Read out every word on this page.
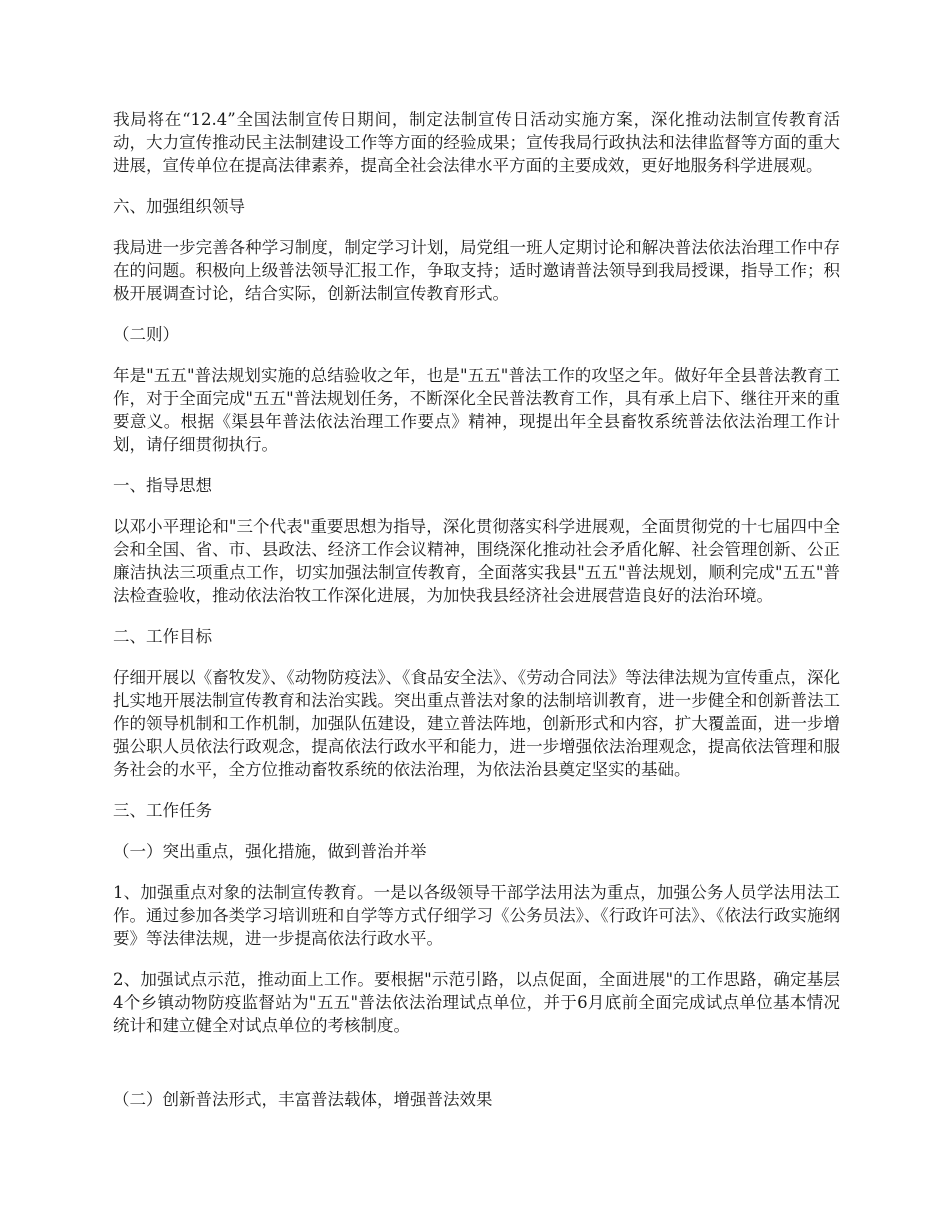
我局将在“12.4”全国法制宣传日期间，制定法制宣传日活动实施方案，深化推动法制宣传教育活动，大力宣传推动民主法制建设工作等方面的经验成果；宣传我局行政执法和法律监督等方面的重大进展，宣传单位在提高法律素养，提高全社会法律水平方面的主要成效，更好地服务科学进展观。

六、加强组织领导

我局进一步完善各种学习制度，制定学习计划，局党组一班人定期讨论和解决普法依法治理工作中存在的问题。积极向上级普法领导汇报工作，争取支持；适时邀请普法领导到我局授课，指导工作；积极开展调查讨论，结合实际，创新法制宣传教育形式。

（二则）

年是"五五"普法规划实施的总结验收之年，也是"五五"普法工作的攻坚之年。做好年全县普法教育工作，对于全面完成"五五"普法规划任务，不断深化全民普法教育工作，具有承上启下、继往开来的重要意义。根据《渠县年普法依法治理工作要点》精神，现提出年全县畜牧系统普法依法治理工作计划，请仔细贯彻执行。

一、指导思想

以邓小平理论和"三个代表"重要思想为指导，深化贯彻落实科学进展观，全面贯彻党的十七届四中全会和全国、省、市、县政法、经济工作会议精神，围绕深化推动社会矛盾化解、社会管理创新、公正廉洁执法三项重点工作，切实加强法制宣传教育，全面落实我县"五五"普法规划，顺利完成"五五"普法检查验收，推动依法治牧工作深化进展，为加快我县经济社会进展营造良好的法治环境。

二、工作目标

仔细开展以《畜牧发》、《动物防疫法》、《食品安全法》、《劳动合同法》等法律法规为宣传重点，深化扎实地开展法制宣传教育和法治实践。突出重点普法对象的法制培训教育，进一步健全和创新普法工作的领导机制和工作机制，加强队伍建设，建立普法阵地，创新形式和内容，扩大覆盖面，进一步增强公职人员依法行政观念，提高依法行政水平和能力，进一步增强依法治理观念，提高依法管理和服务社会的水平，全方位推动畜牧系统的依法治理，为依法治县奠定坚实的基础。

三、工作任务

（一）突出重点，强化措施，做到普治并举

1、加强重点对象的法制宣传教育。一是以各级领导干部学法用法为重点，加强公务人员学法用法工作。通过参加各类学习培训班和自学等方式仔细学习《公务员法》、《行政许可法》、《依法行政实施纲要》等法律法规，进一步提高依法行政水平。

2、加强试点示范，推动面上工作。要根据"示范引路，以点促面，全面进展"的工作思路，确定基层4个乡镇动物防疫监督站为"五五"普法依法治理试点单位，并于6月底前全面完成试点单位基本情况统计和建立健全对试点单位的考核制度。

（二）创新普法形式，丰富普法载体，增强普法效果
